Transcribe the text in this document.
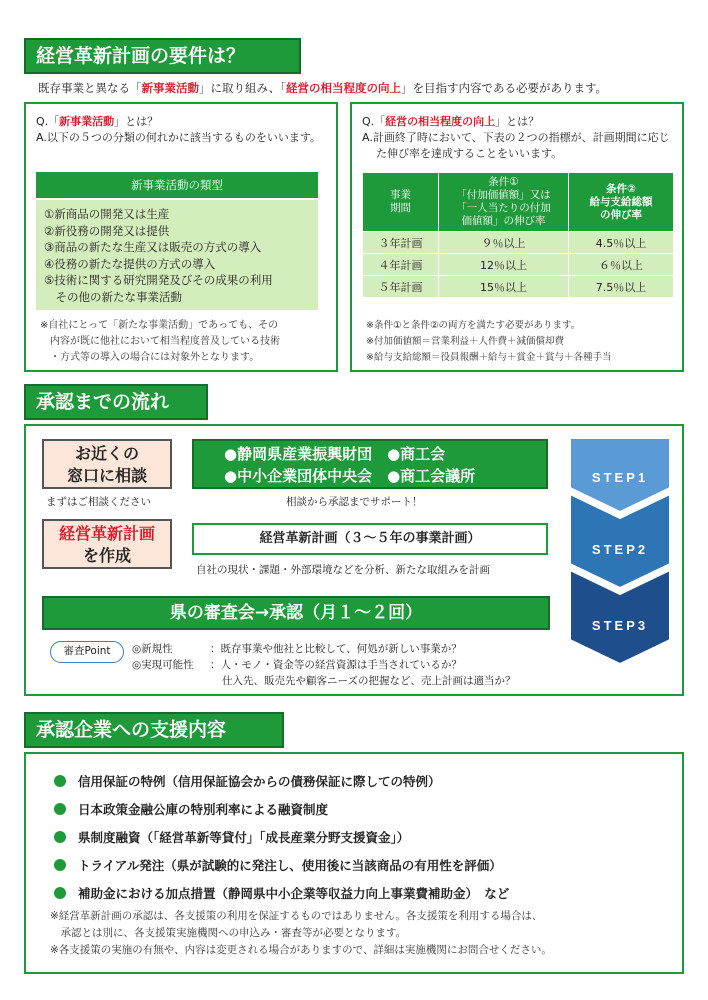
経営革新計画の要件は？
既存事業と異なる「新事業活動」に取り組み、「経営の相当程度の向上」を目指す内容である必要があります。
Q.「新事業活動」とは？
A.以下の５つの分類の何れかに該当するものをいいます。
新事業活動の類型
①新商品の開発又は生産
②新役務の開発又は提供
③商品の新たな生産又は販売の方式の導入
④役務の新たな提供の方式の導入
⑤技術に関する研究開発及びその成果の利用
　その他の新たな事業活動
※自社にとって「新たな事業活動」であっても、その
　内容が既に他社において相当程度普及している技術
　・方式等の導入の場合には対象外となります。
Q.「経営の相当程度の向上」とは？
A.計画終了時において、下表の２つの指標が、計画期間に応じた伸び率を達成することをいいます。
事業
期間	条件①
「付加価値額」又は
「一人当たりの付加
価値額」の伸び率	条件②
給与支給総額
の伸び率
３年計画	９％以上	4.5％以上
４年計画	12％以上	６％以上
５年計画	15％以上	7.5％以上
※条件①と条件②の両方を満たす必要があります。
※付加価値額＝営業利益＋人件費＋減価償却費
※給与支給総額＝役員報酬＋給与＋賞金＋賞与＋各種手当
承認までの流れ
お近くの
窓口に相談
まずはご相談ください
●静岡県産業振興財団　●商工会
●中小企業団体中央会　●商工会議所
相談から承認までサポート！
経営革新計画
を作成
経営革新計画（３～５年の事業計画）
自社の現状・課題・外部環境などを分析、新たな取組みを計画
県の審査会→承認（月１～２回）
審査Point	◎新規性	：既存事業や他社と比較して、何処が新しい事業か？
◎実現可能性 ：人・モノ・資金等の経営資源は手当されているか？
仕入先、販売先や顧客ニーズの把握など、売上計画は適当か？
STEP1
STEP2
STEP3
承認企業への支援内容
信用保証の特例（信用保証協会からの債務保証に際しての特例）
日本政策金融公庫の特別利率による融資制度
県制度融資（「経営革新等貸付」「成長産業分野支援資金」）
トライアル発注（県が試験的に発注し、使用後に当該商品の有用性を評価）
補助金における加点措置（静岡県中小企業等収益力向上事業費補助金）　など
※経営革新計画の承認は、各支援策の利用を保証するものではありません。各支援策を利用する場合は、
　承認とは別に、各支援策実施機関への申込み・審査等が必要となります。
※各支援策の実施の有無や、内容は変更される場合がありますので、詳細は実施機関にお問合せください。
